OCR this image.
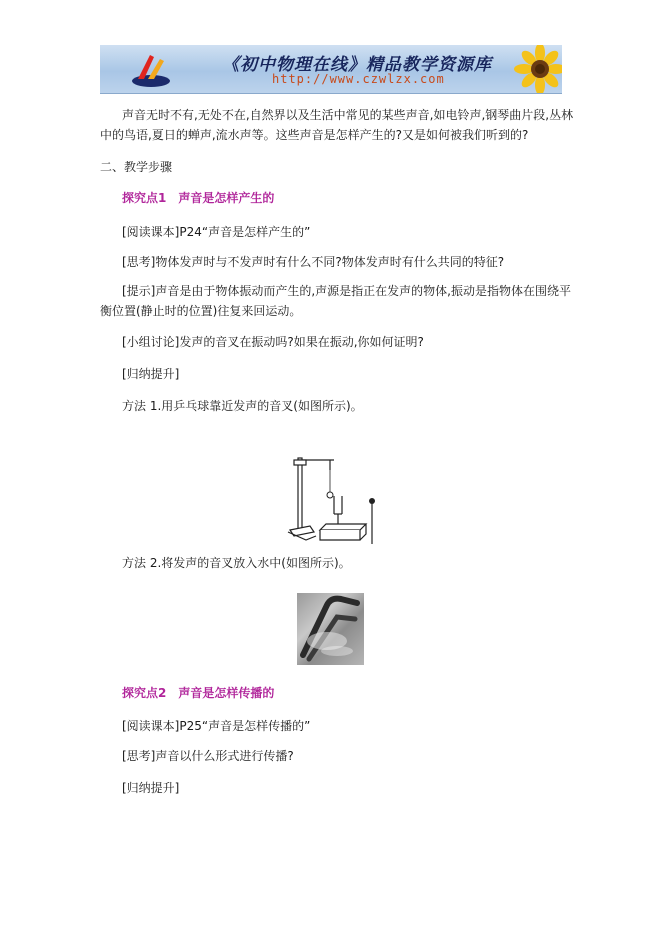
《初中物理在线》精品教学资源库
http://www.czwlzx.com
声音无时不有,无处不在,自然界以及生活中常见的某些声音,如电铃声,钢琴曲片段,丛林
中的鸟语,夏日的蝉声,流水声等。这些声音是怎样产生的?又是如何被我们听到的?
二、教学步骤
探究点1　声音是怎样产生的
[阅读课本]P24“声音是怎样产生的”
[思考]物体发声时与不发声时有什么不同?物体发声时有什么共同的特征?
[提示]声音是由于物体振动而产生的,声源是指正在发声的物体,振动是指物体在围绕平
衡位置(静止时的位置)往复来回运动。
[小组讨论]发声的音叉在振动吗?如果在振动,你如何证明?
[归纳提升]
方法 1.用乒乓球靠近发声的音叉(如图所示)。
方法 2.将发声的音叉放入水中(如图所示)。
探究点2　声音是怎样传播的
[阅读课本]P25“声音是怎样传播的”
[思考]声音以什么形式进行传播?
[归纳提升]
